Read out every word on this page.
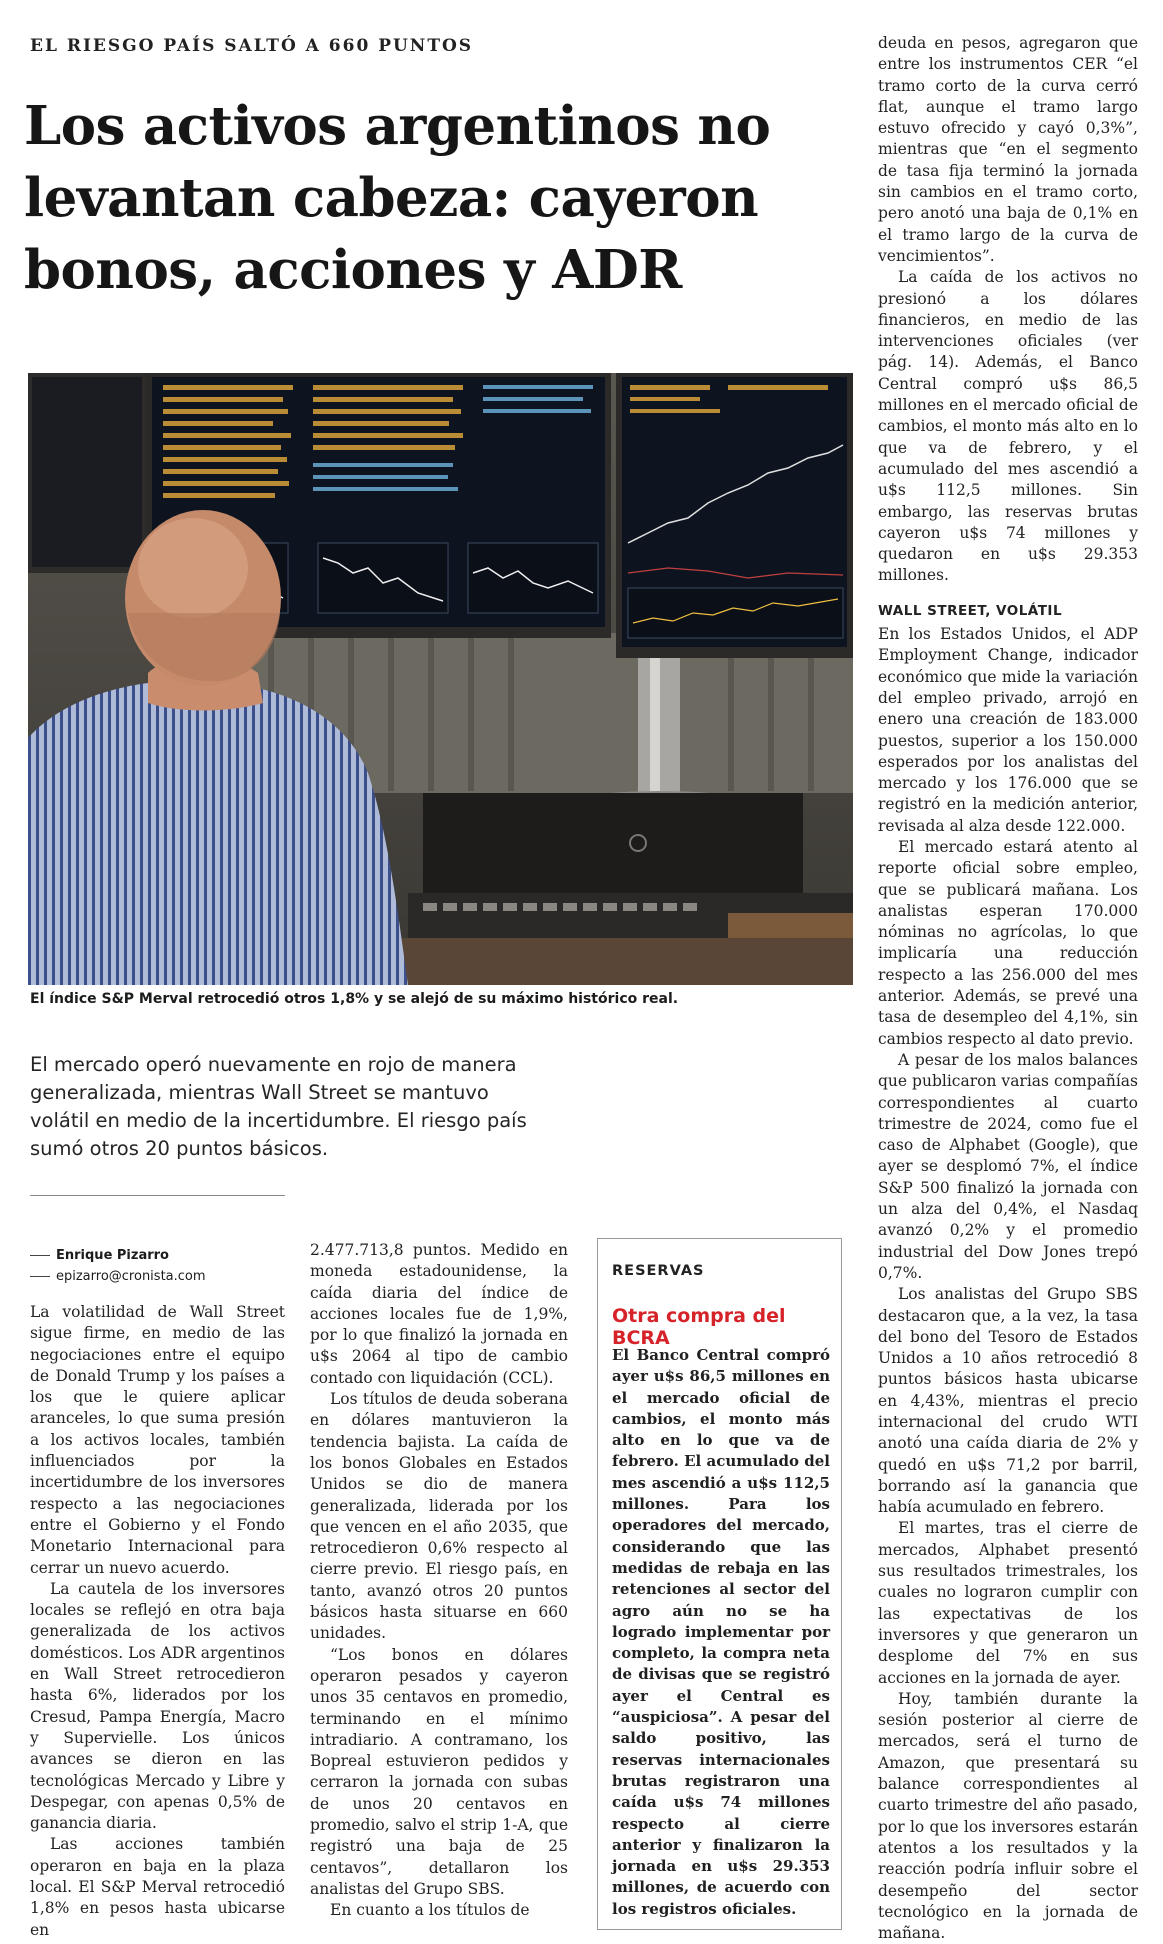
EL RIESGO PAÍS SALTÓ A 660 PUNTOS
Los activos argentinos no levantan cabeza: cayeron bonos, acciones y ADR
El índice S&P Merval retrocedió otros 1,8% y se alejó de su máximo histórico real.
El mercado operó nuevamente en rojo de manera generalizada, mientras Wall Street se mantuvo volátil en medio de la incertidumbre. El riesgo país sumó otros 20 puntos básicos.
Enrique Pizarro
epizarro@cronista.com

La volatilidad de Wall Street sigue firme, en medio de las negociaciones entre el equipo de Donald Trump y los países a los que le quiere aplicar aranceles, lo que suma presión a los activos locales, también influenciados por la incertidumbre de los inversores respecto a las negociaciones entre el Gobierno y el Fondo Monetario Internacional para cerrar un nuevo acuerdo.

La cautela de los inversores locales se reflejó en otra baja generalizada de los activos domésticos. Los ADR argentinos en Wall Street retrocedieron hasta 6%, liderados por los Cresud, Pampa Energía, Macro y Supervielle. Los únicos avances se dieron en las tecnológicas Mercado y Libre y Despegar, con apenas 0,5% de ganancia diaria.

Las acciones también operaron en baja en la plaza local. El S&P Merval retrocedió 1,8% en pesos hasta ubicarse en

2.477.713,8 puntos. Medido en moneda estadounidense, la caída diaria del índice de acciones locales fue de 1,9%, por lo que finalizó la jornada en u$s 2064 al tipo de cambio contado con liquidación (CCL).

Los títulos de deuda soberana en dólares mantuvieron la tendencia bajista. La caída de los bonos Globales en Estados Unidos se dio de manera generalizada, liderada por los que vencen en el año 2035, que retrocedieron 0,6% respecto al cierre previo. El riesgo país, en tanto, avanzó otros 20 puntos básicos hasta situarse en 660 unidades.

“Los bonos en dólares operaron pesados y cayeron unos 35 centavos en promedio, terminando en el mínimo intradiario. A contramano, los Bopreal estuvieron pedidos y cerraron la jornada con subas de unos 20 centavos en promedio, salvo el strip 1-A, que registró una baja de 25 centavos”, detallaron los analistas del Grupo SBS.

En cuanto a los títulos de

RESERVAS
Otra compra del BCRA
El Banco Central compró ayer u$s 86,5 millones en el mercado oficial de cambios, el monto más alto en lo que va de febrero. El acumulado del mes ascendió a u$s 112,5 millones. Para los operadores del mercado, considerando que las medidas de rebaja en las retenciones al sector del agro aún no se ha logrado implementar por completo, la compra neta de divisas que se registró ayer el Central es “auspiciosa”. A pesar del saldo positivo, las reservas internacionales brutas registraron una caída u$s 74 millones respecto al cierre anterior y finalizaron la jornada en u$s 29.353 millones, de acuerdo con los registros oficiales.

deuda en pesos, agregaron que entre los instrumentos CER “el tramo corto de la curva cerró flat, aunque el tramo largo estuvo ofrecido y cayó 0,3%”, mientras que “en el segmento de tasa fija terminó la jornada sin cambios en el tramo corto, pero anotó una baja de 0,1% en el tramo largo de la curva de vencimientos”.

La caída de los activos no presionó a los dólares financieros, en medio de las intervenciones oficiales (ver pág. 14). Además, el Banco Central compró u$s 86,5 millones en el mercado oficial de cambios, el monto más alto en lo que va de febrero, y el acumulado del mes ascendió a u$s 112,5 millones. Sin embargo, las reservas brutas cayeron u$s 74 millones y quedaron en u$s 29.353 millones.

WALL STREET, VOLÁTIL

En los Estados Unidos, el ADP Employment Change, indicador económico que mide la variación del empleo privado, arrojó en enero una creación de 183.000 puestos, superior a los 150.000 esperados por los analistas del mercado y los 176.000 que se registró en la medición anterior, revisada al alza desde 122.000.

El mercado estará atento al reporte oficial sobre empleo, que se publicará mañana. Los analistas esperan 170.000 nóminas no agrícolas, lo que implicaría una reducción respecto a las 256.000 del mes anterior. Además, se prevé una tasa de desempleo del 4,1%, sin cambios respecto al dato previo.

A pesar de los malos balances que publicaron varias compañías correspondientes al cuarto trimestre de 2024, como fue el caso de Alphabet (Google), que ayer se desplomó 7%, el índice S&P 500 finalizó la jornada con un alza del 0,4%, el Nasdaq avanzó 0,2% y el promedio industrial del Dow Jones trepó 0,7%.

Los analistas del Grupo SBS destacaron que, a la vez, la tasa del bono del Tesoro de Estados Unidos a 10 años retrocedió 8 puntos básicos hasta ubicarse en 4,43%, mientras el precio internacional del crudo WTI anotó una caída diaria de 2% y quedó en u$s 71,2 por barril, borrando así la ganancia que había acumulado en febrero.

El martes, tras el cierre de mercados, Alphabet presentó sus resultados trimestrales, los cuales no lograron cumplir con las expectativas de los inversores y que generaron un desplome del 7% en sus acciones en la jornada de ayer.

Hoy, también durante la sesión posterior al cierre de mercados, será el turno de Amazon, que presentará su balance correspondientes al cuarto trimestre del año pasado, por lo que los inversores estarán atentos a los resultados y la reacción podría influir sobre el desempeño del sector tecnológico en la jornada de mañana.
